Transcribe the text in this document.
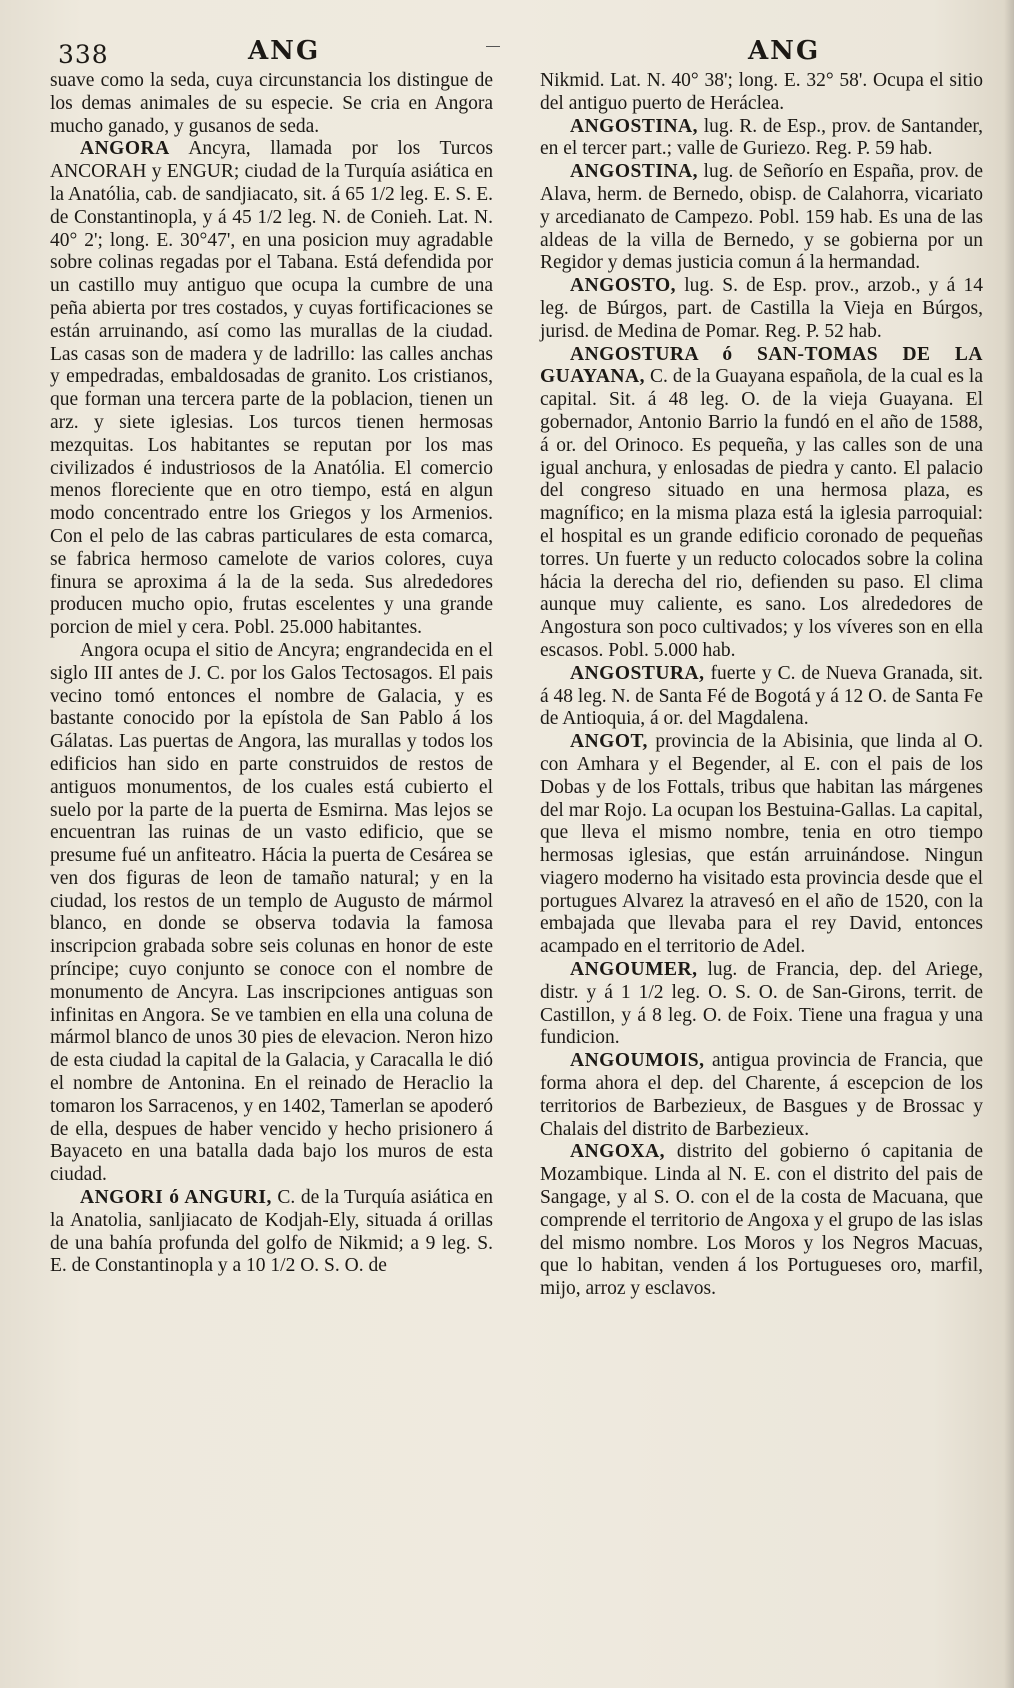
338	ANG	ANG

suave como la seda, cuya circunstancia los distingue de los demas animales de su especie. Se cria en Angora mucho ganado, y gusanos de seda.

ANGORA Ancyra, llamada por los Turcos ANCORAH y ENGUR; ciudad de la Turquía asiática en la Anatólia, cab. de sandjiacato, sit. á 65 1/2 leg. E. S. E. de Constantinopla, y á 45 1/2 leg. N. de Conieh. Lat. N. 40° 2'; long. E. 30°47', en una posicion muy agradable sobre colinas regadas por el Tabana. Está defendida por un castillo muy antiguo que ocupa la cumbre de una peña abierta por tres costados, y cuyas fortificaciones se están arruinando, así como las murallas de la ciudad. Las casas son de madera y de ladrillo: las calles anchas y empedradas, embaldosadas de granito. Los cristianos, que forman una tercera parte de la poblacion, tienen un arz. y siete iglesias. Los turcos tienen hermosas mezquitas. Los habitantes se reputan por los mas civilizados é industriosos de la Anatólia. El comercio menos floreciente que en otro tiempo, está en algun modo concentrado entre los Griegos y los Armenios. Con el pelo de las cabras particulares de esta comarca, se fabrica hermoso camelote de varios colores, cuya finura se aproxima á la de la seda. Sus alrededores producen mucho opio, frutas escelentes y una grande porcion de miel y cera. Pobl. 25.000 habitantes.

Angora ocupa el sitio de Ancyra; engrandecida en el siglo III antes de J. C. por los Galos Tectosagos. El pais vecino tomó entonces el nombre de Galacia, y es bastante conocido por la epístola de San Pablo á los Gálatas. Las puertas de Angora, las murallas y todos los edificios han sido en parte construidos de restos de antiguos monumentos, de los cuales está cubierto el suelo por la parte de la puerta de Esmirna. Mas lejos se encuentran las ruinas de un vasto edificio, que se presume fué un anfiteatro. Hácia la puerta de Cesárea se ven dos figuras de leon de tamaño natural; y en la ciudad, los restos de un templo de Augusto de mármol blanco, en donde se observa todavia la famosa inscripcion grabada sobre seis colunas en honor de este príncipe; cuyo conjunto se conoce con el nombre de monumento de Ancyra. Las inscripciones antiguas son infinitas en Angora. Se ve tambien en ella una coluna de mármol blanco de unos 30 pies de elevacion. Neron hizo de esta ciudad la capital de la Galacia, y Caracalla le dió el nombre de Antonina. En el reinado de Heraclio la tomaron los Sarracenos, y en 1402, Tamerlan se apoderó de ella, despues de haber vencido y hecho prisionero á Bayaceto en una batalla dada bajo los muros de esta ciudad.

ANGORI ó ANGURI, C. de la Turquía asiática en la Anatolia, sanljiacato de Kodjah-Ely, situada á orillas de una bahía profunda del golfo de Nikmid; a 9 leg. S. E. de Constantinopla y a 10 1/2 O. S. O. de

Nikmid. Lat. N. 40° 38'; long. E. 32° 58'. Ocupa el sitio del antiguo puerto de Heráclea.

ANGOSTINA, lug. R. de Esp., prov. de Santander, en el tercer part.; valle de Guriezo. Reg. P. 59 hab.

ANGOSTINA, lug. de Señorío en España, prov. de Alava, herm. de Bernedo, obisp. de Calahorra, vicariato y arcedianato de Campezo. Pobl. 159 hab. Es una de las aldeas de la villa de Bernedo, y se gobierna por un Regidor y demas justicia comun á la hermandad.

ANGOSTO, lug. S. de Esp. prov., arzob., y á 14 leg. de Búrgos, part. de Castilla la Vieja en Búrgos, jurisd. de Medina de Pomar. Reg. P. 52 hab.

ANGOSTURA ó SAN-TOMAS DE LA GUAYANA, C. de la Guayana española, de la cual es la capital. Sit. á 48 leg. O. de la vieja Guayana. El gobernador, Antonio Barrio la fundó en el año de 1588, á or. del Orinoco. Es pequeña, y las calles son de una igual anchura, y enlosadas de piedra y canto. El palacio del congreso situado en una hermosa plaza, es magnífico; en la misma plaza está la iglesia parroquial: el hospital es un grande edificio coronado de pequeñas torres. Un fuerte y un reducto colocados sobre la colina hácia la derecha del rio, defienden su paso. El clima aunque muy caliente, es sano. Los alrededores de Angostura son poco cultivados; y los víveres son en ella escasos. Pobl. 5.000 hab.

ANGOSTURA, fuerte y C. de Nueva Granada, sit. á 48 leg. N. de Santa Fé de Bogotá y á 12 O. de Santa Fe de Antioquia, á or. del Magdalena.

ANGOT, provincia de la Abisinia, que linda al O. con Amhara y el Begender, al E. con el pais de los Dobas y de los Fottals, tribus que habitan las márgenes del mar Rojo. La ocupan los Bestuina-Gallas. La capital, que lleva el mismo nombre, tenia en otro tiempo hermosas iglesias, que están arruinándose. Ningun viagero moderno ha visitado esta provincia desde que el portugues Alvarez la atravesó en el año de 1520, con la embajada que llevaba para el rey David, entonces acampado en el territorio de Adel.

ANGOUMER, lug. de Francia, dep. del Ariege, distr. y á 1 1/2 leg. O. S. O. de San-Girons, territ. de Castillon, y á 8 leg. O. de Foix. Tiene una fragua y una fundicion.

ANGOUMOIS, antigua provincia de Francia, que forma ahora el dep. del Charente, á escepcion de los territorios de Barbezieux, de Basgues y de Brossac y Chalais del distrito de Barbezieux.

ANGOXA, distrito del gobierno ó capitania de Mozambique. Linda al N. E. con el distrito del pais de Sangage, y al S. O. con el de la costa de Macuana, que comprende el territorio de Angoxa y el grupo de las islas del mismo nombre. Los Moros y los Negros Macuas, que lo habitan, venden á los Portugueses oro, marfil, mijo, arroz y esclavos.
